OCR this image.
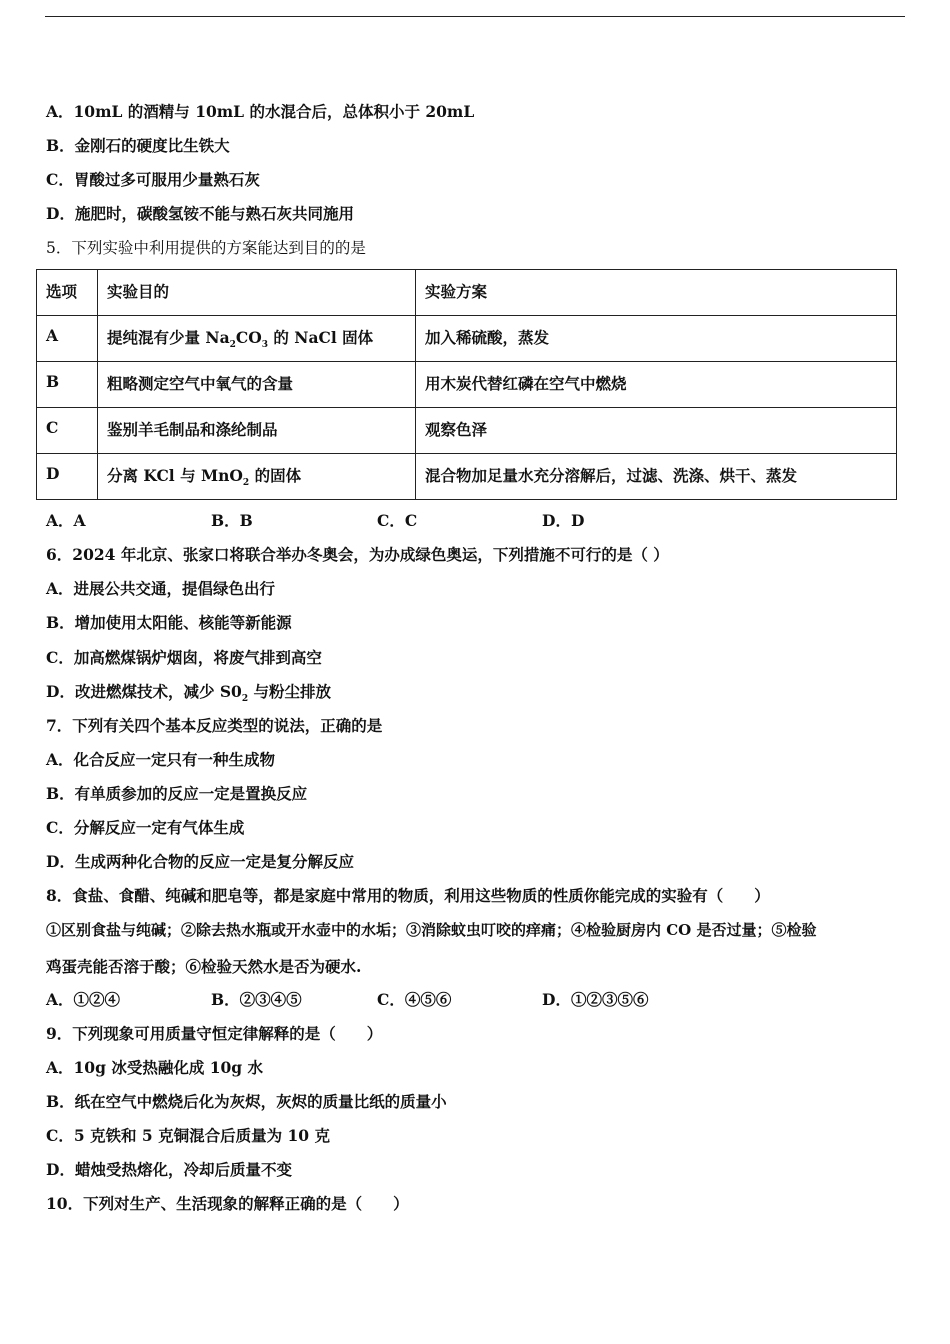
A．10mL 的酒精与 10mL 的水混合后，总体积小于 20mL
B．金刚石的硬度比生铁大
C．胃酸过多可服用少量熟石灰
D．施肥时，碳酸氢铵不能与熟石灰共同施用
5．下列实验中利用提供的方案能达到目的的是
选项	实验目的	实验方案
A	提纯混有少量 $Na_2CO_3$ 的 NaCl 固体	加入稀硫酸，蒸发
B	粗略测定空气中氧气的含量	用木炭代替红磷在空气中燃烧
C	鉴别羊毛制品和涤纶制品	观察色泽
D	分离 KCl 与 MnO$_2$ 的固体	混合物加足量水充分溶解后，过滤、洗涤、烘干、蒸发
A．A	B．B	C．C	D．D
6．2024 年北京、张家口将联合举办冬奥会，为办成绿色奥运，下列措施不可行的是（ ）
A．进展公共交通，提倡绿色出行
B．增加使用太阳能、核能等新能源
C．加高燃煤锅炉烟囱，将废气排到高空
D．改进燃煤技术，减少 $S0_2$ 与粉尘排放
7．下列有关四个基本反应类型的说法，正确的是
A．化合反应一定只有一种生成物
B．有单质参加的反应一定是置换反应
C．分解反应一定有气体生成
D．生成两种化合物的反应一定是复分解反应
8．食盐、食醋、纯碱和肥皂等，都是家庭中常用的物质，利用这些物质的性质你能完成的实验有（　　）
①区别食盐与纯碱；②除去热水瓶或开水壶中的水垢；③消除蚊虫叮咬的痒痛；④检验厨房内 CO 是否过量；⑤检验
鸡蛋壳能否溶于酸；⑥检验天然水是否为硬水.
A．①②④	B．②③④⑤	C．④⑤⑥	D．①②③⑤⑥
9．下列现象可用质量守恒定律解释的是（　　）
A．10g 冰受热融化成 10g 水
B．纸在空气中燃烧后化为灰烬，灰烬的质量比纸的质量小
C．5 克铁和 5 克铜混合后质量为 10 克
D．蜡烛受热熔化，冷却后质量不变
10．下列对生产、生活现象的解释正确的是（　　）
